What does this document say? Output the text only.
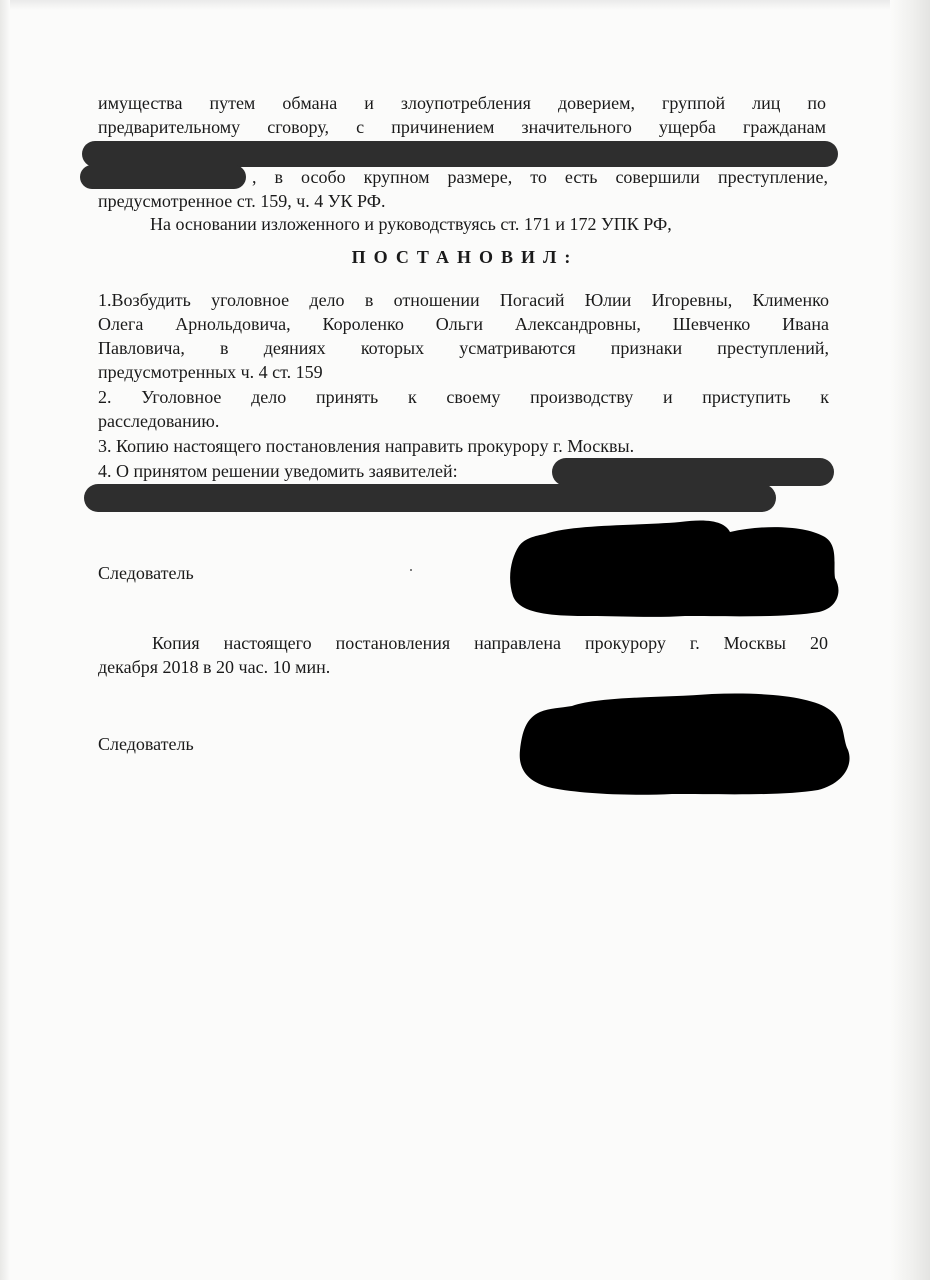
имущества путем обмана и злоупотребления доверием, группой лиц по
предварительному сговору, с причинением значительного ущерба гражданам
, в особо крупном размере, то есть совершили преступление,
предусмотренное ст. 159, ч. 4 УК РФ.
На основании изложенного и руководствуясь ст. 171 и 172 УПК РФ,
ПОСТАНОВИЛ:
1.Возбудить уголовное дело в отношении Погасий Юлии Игоревны, Клименко
Олега Арнольдовича, Короленко Ольги Александровны, Шевченко Ивана
Павловича, в деяниях которых усматриваются признаки преступлений,
предусмотренных ч. 4 ст. 159
2. Уголовное дело принять к своему производству и приступить к
расследованию.
3. Копию настоящего постановления направить прокурору г. Москвы.
4. О принятом решении уведомить заявителей:
Следователь
Копия настоящего постановления направлена прокурору г. Москвы 20
декабря 2018 в 20 час. 10 мин.
Следователь
